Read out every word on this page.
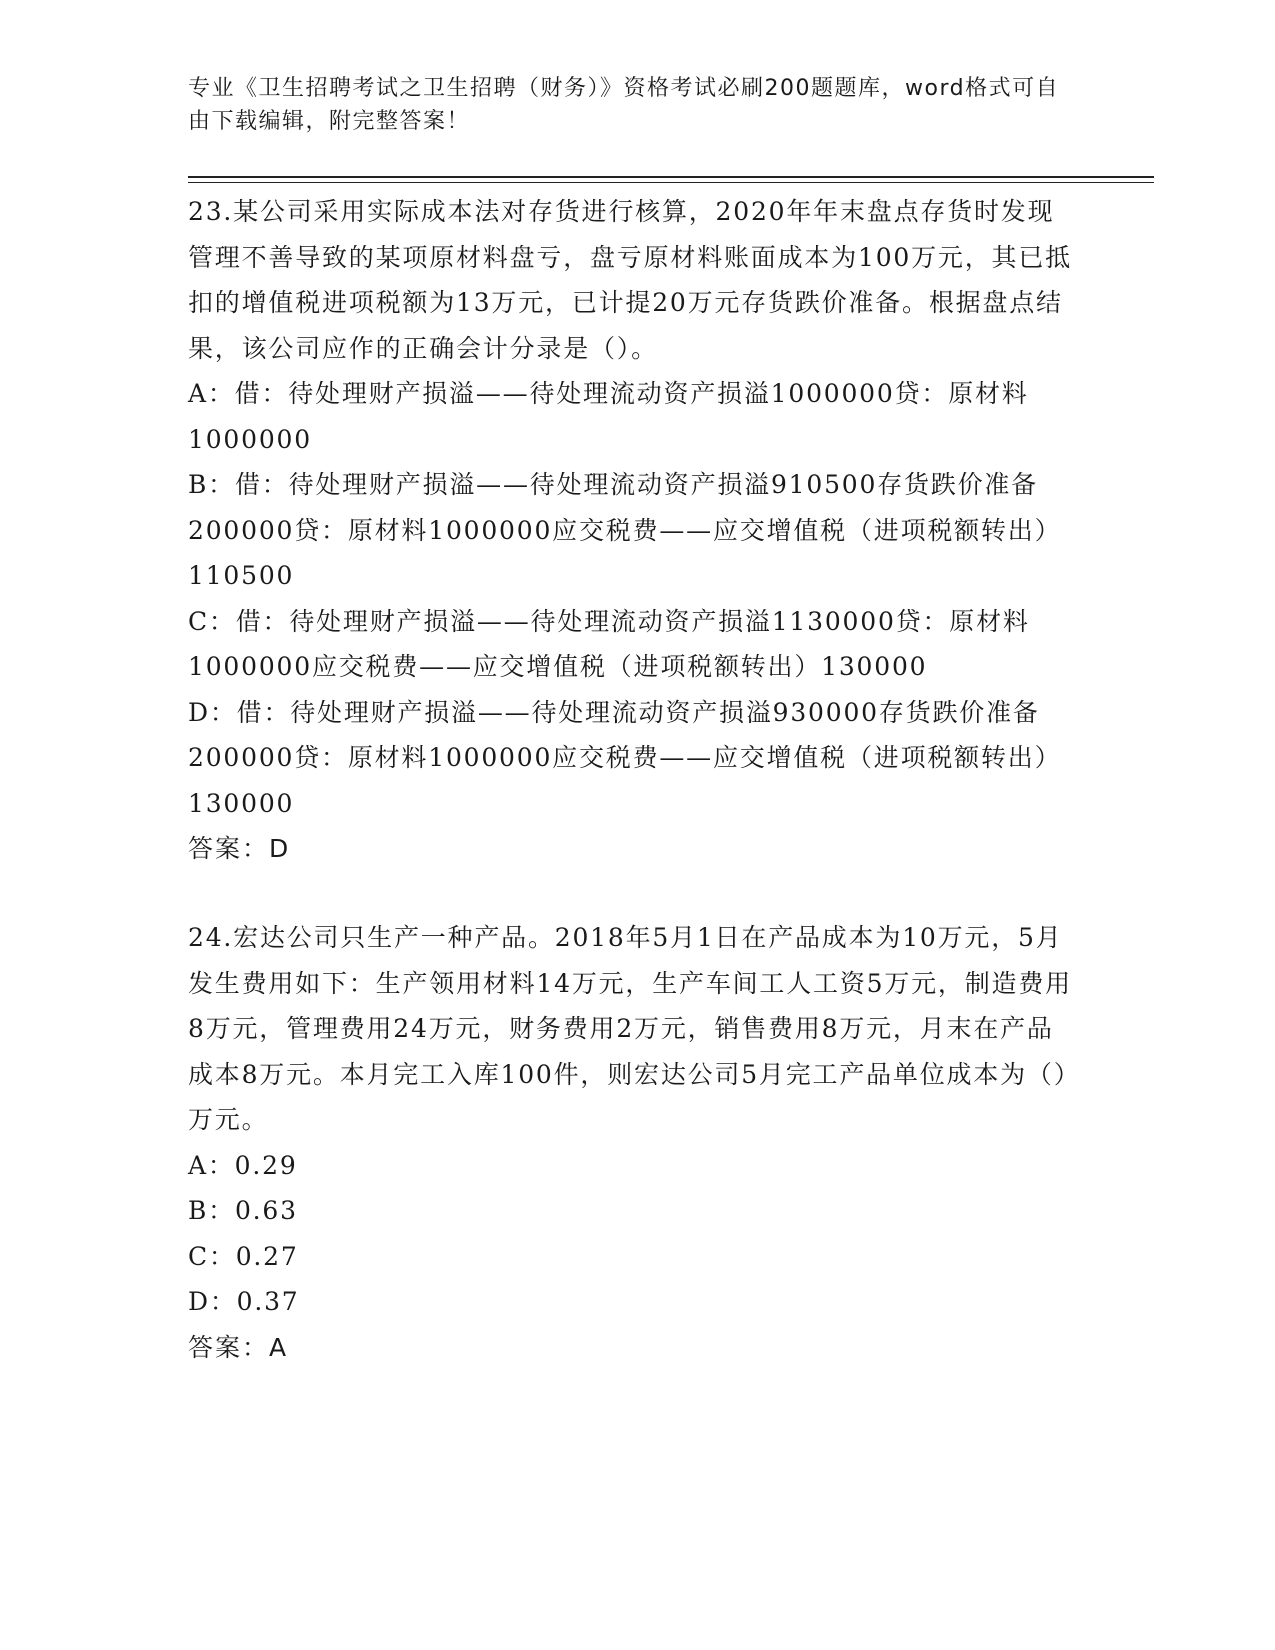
专业《卫生招聘考试之卫生招聘（财务）》资格考试必刷200题题库，word格式可自由下载编辑，附完整答案！

23.某公司采用实际成本法对存货进行核算，2020年年末盘点存货时发现管理不善导致的某项原材料盘亏，盘亏原材料账面成本为100万元，其已抵扣的增值税进项税额为13万元，已计提20万元存货跌价准备。根据盘点结果，该公司应作的正确会计分录是（）。

A：借：待处理财产损溢——待处理流动资产损溢1000000贷：原材料1000000

B：借：待处理财产损溢——待处理流动资产损溢910500存货跌价准备200000贷：原材料1000000应交税费——应交增值税（进项税额转出）110500

C：借：待处理财产损溢——待处理流动资产损溢1130000贷：原材料1000000应交税费——应交增值税（进项税额转出）130000

D：借：待处理财产损溢——待处理流动资产损溢930000存货跌价准备200000贷：原材料1000000应交税费——应交增值税（进项税额转出）130000

答案：D

24.宏达公司只生产一种产品。2018年5月1日在产品成本为10万元，5月发生费用如下：生产领用材料14万元，生产车间工人工资5万元，制造费用8万元，管理费用24万元，财务费用2万元，销售费用8万元，月末在产品成本8万元。本月完工入库100件，则宏达公司5月完工产品单位成本为（）万元。

A：0.29

B：0.63

C：0.27

D：0.37

答案：A
